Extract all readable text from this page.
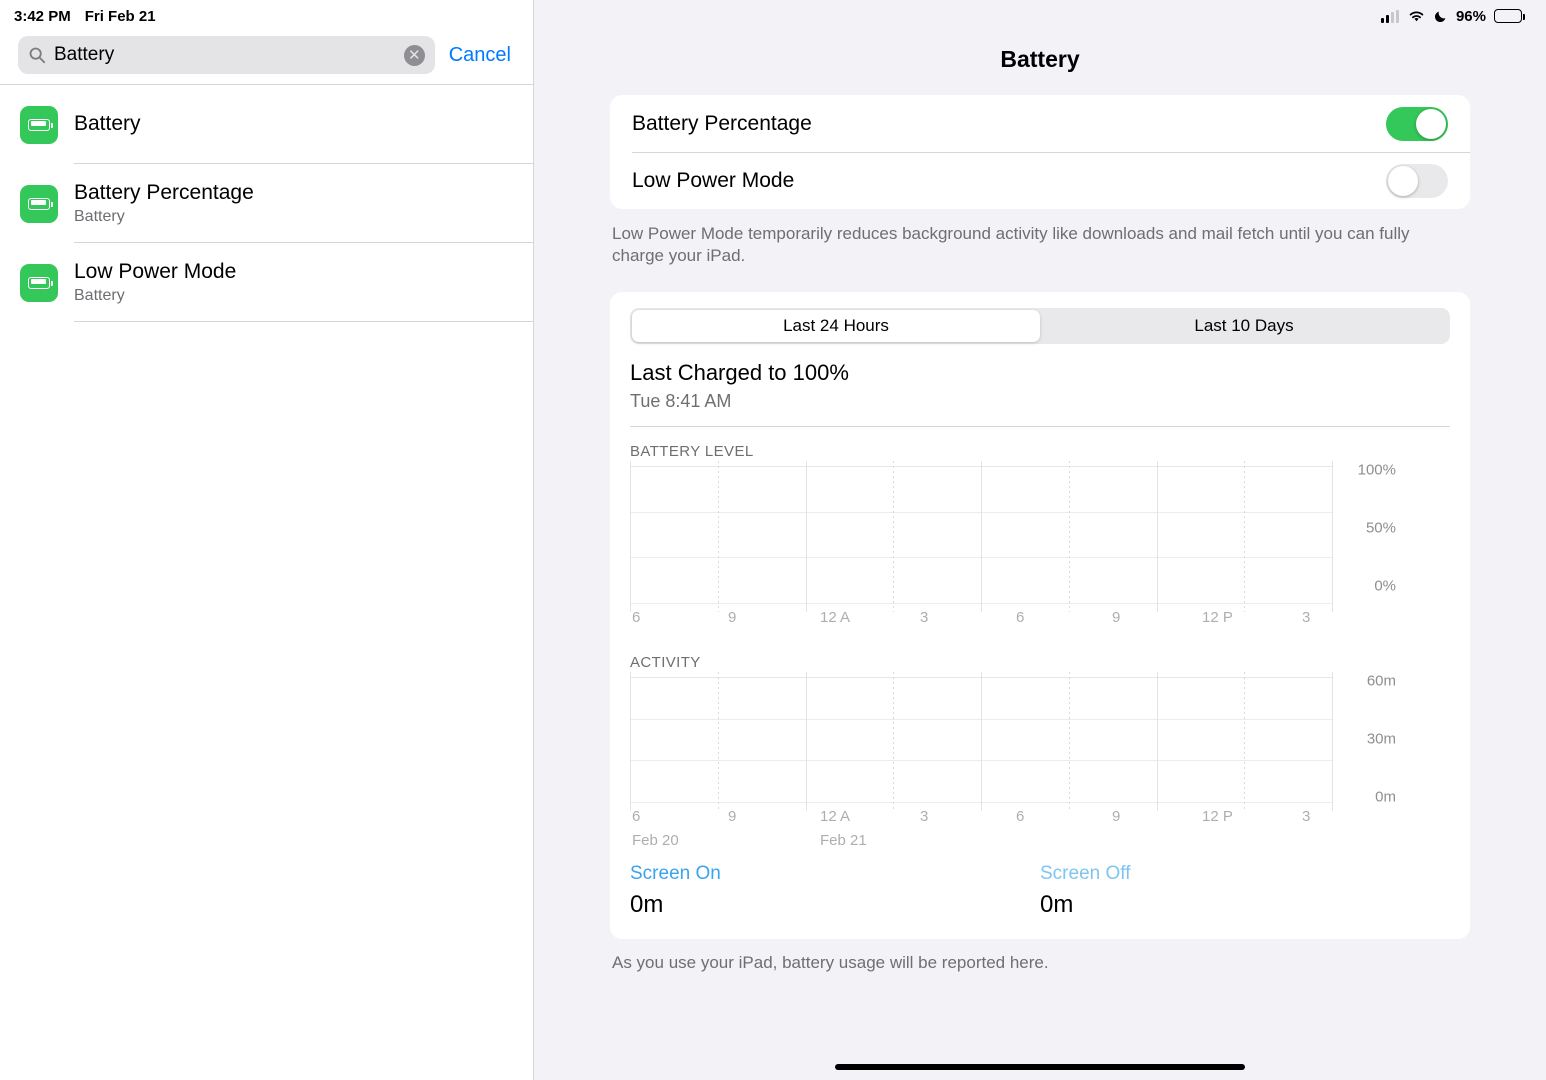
3:42 PM Fri Feb 21
Battery	✕ Cancel
Battery
Battery Percentage
Battery
Low Power Mode
Battery
96%
Battery
Battery Percentage
Low Power Mode
Low Power Mode temporarily reduces background activity like downloads and mail fetch until you can fully charge your iPad.
Last 24 Hours	Last 10 Days
Last Charged to 100%
Tue 8:41 AM
BATTERY LEVEL
100%
50%
0%
6	9	12 A	3	6	9	12 P	3
ACTIVITY
60m
30m
0m
6	9	12 A	3	6	9	12 P	3
Feb 20	Feb 21
Screen On
0m
Screen Off
0m
As you use your iPad, battery usage will be reported here.
